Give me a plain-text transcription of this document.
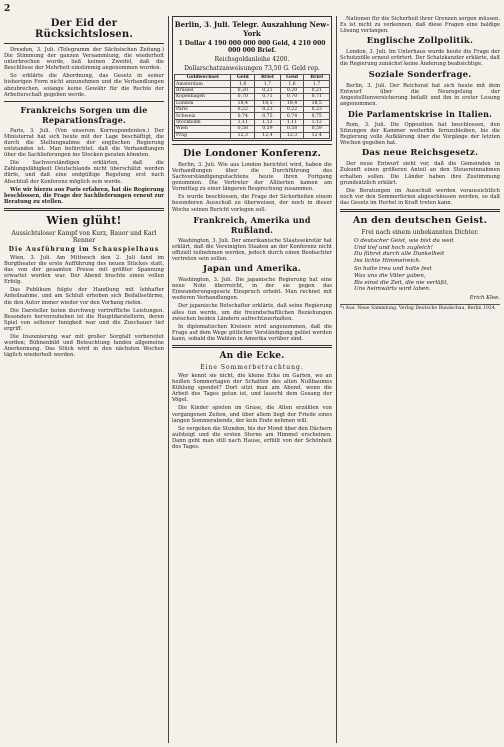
2
Der Eid der Rücksichtslosen.

Dresden, 3. Juli. (Telegramm der Sächsischen Zeitung.) Die Stimmung der ganzen Versammlung, die wiederholt unterbrochen wurde, ließ keinen Zweifel, daß die Beschlüsse der Mehrheit einstimmig angenommen wurden.

So erklärte die Abordnung, das Gesetz in seiner bisherigen Form nicht anzunehmen und die Verhandlungen abzubrechen, solange keine Gewähr für die Rechte der Arbeiterschaft gegeben werde.

Frankreichs Sorgen um die Reparationsfrage.

Paris, 3. Juli. (Von unserem Korrespondenten.) Der Ministerrat hat sich heute mit der Lage beschäftigt, die durch die Stellungnahme der englischen Regierung entstanden ist. Man befürchtet, daß die Verhandlungen über die Sachlieferungen ins Stocken geraten könnten.

Die Sachverständigen erklärten, daß die Zahlungsfähigkeit Deutschlands nicht überschätzt werden dürfe, und daß eine endgültige Regelung erst nach Abschluß der Konferenz möglich sein werde.

Wie wir hierzu aus Paris erfahren, hat die Regierung beschlossen, die Frage der Sachlieferungen erneut zur Beratung zu stellen.

Wien glüht!
Aussichtsloser Kampf von Kurz, Bauer und Karl Renner
Die Ausführung im Schauspielhaus

Wien, 3. Juli. Am Mittwoch den 2. Juli fand im Burgtheater die erste Aufführung des neuen Stückes statt, das von der gesamten Presse mit größter Spannung erwartet worden war. Der Abend brachte einen vollen Erfolg.

Das Publikum folgte der Handlung mit lebhafter Anteilnahme, und am Schluß erhoben sich Beifallsstürme, die den Autor immer wieder vor den Vorhang riefen.

Die Darsteller boten durchweg vortreffliche Leistungen. Besonders hervorzuheben ist die Hauptdarstellerin, deren Spiel von seltener Innigkeit war und die Zuschauer tief ergriff.

Die Inszenierung war mit großer Sorgfalt vorbereitet worden; Bühnenbild und Beleuchtung fanden allgemeine Anerkennung. Das Stück wird in den nächsten Wochen täglich wiederholt werden.

Berlin, 3. Juli. Telegr. Auszahlung New-York
1 Dollar 4 190 000 000 000 Geld, 4 210 000 000 000 Brief.
Reichsgoldanleihe 4200.
Dollarschatzanweisungen 73,50 G. Geld rep.
Goldwechsel	Geld	Brief	Geld	Brief
Amsterdam	1,6	1,7	1,6	1,7
Brüssel	0,20	0,21	0,20	0,21
Kopenhagen	0,70	0,71	0,70	0,71
London	18,4	18,5	18,4	18,5
Paris	0,22	0,23	0,22	0,23
Schweiz	0,74	0,75	0,74	0,75
Stockholm	1,11	1,12	1,11	1,12
Wien	0,58	0,59	0,58	0,59
Prag	12,3	12,4	12,3	12,4
Die Londoner Konferenz.

Berlin, 3. Juli. Wie aus London berichtet wird, haben die Verhandlungen über die Durchführung des Sachverständigengutachtens heute ihren Fortgang genommen. Die Vertreter der Alliierten kamen am Vormittag zu einer längeren Besprechung zusammen.

Es wurde beschlossen, die Frage der Sicherheiten einem besonderen Ausschuß zu überweisen, der noch in dieser Woche seinen Bericht vorlegen soll.

Frankreich, Amerika und Rußland.

Washington, 3. Juli. Der amerikanische Staatssekretär hat erklärt, daß die Vereinigten Staaten an der Konferenz nicht offiziell teilnehmen werden, jedoch durch einen Beobachter vertreten sein sollen.

Japan und Amerika.

Washington, 3. Juli. Die japanische Regierung hat eine neue Note überreicht, in der sie gegen das Einwanderungsgesetz Einspruch erhebt. Man rechnet mit weiteren Verhandlungen.

Der japanische Botschafter erklärte, daß seine Regierung alles tun werde, um die freundschaftlichen Beziehungen zwischen beiden Ländern aufrechtzuerhalten.

In diplomatischen Kreisen wird angenommen, daß die Frage auf dem Wege gütlicher Verständigung gelöst werden kann, sobald die Wahlen in Amerika vorüber sind.

An die Ecke.
Eine Sommerbetrachtung.

Wer kennt sie nicht, die kleine Ecke im Garten, wo an heißen Sommertagen der Schatten des alten Nußbaumes Kühlung spendet? Dort sitzt man am Abend, wenn die Arbeit des Tages getan ist, und lauscht dem Gesang der Vögel.

Die Kinder spielen im Grase, die Alten erzählen von vergangenen Zeiten, und über allem liegt der Friede eines langen Sommerabends, der kein Ende nehmen will.

So vergehen die Stunden, bis der Mond über den Dächern aufsteigt und die ersten Sterne am Himmel erscheinen. Dann geht man still nach Hause, erfüllt von der Schönheit des Tages.

Nationen für die Sicherheit ihrer Grenzen sorgen müssen. Es ist nicht zu verkennen, daß diese Fragen eine baldige Lösung verlangen.

Englische Zollpolitik.

London, 3. Juli. Im Unterhaus wurde heute die Frage der Schutzzölle erneut erörtert. Der Schatzkanzler erklärte, daß die Regierung zunächst keine Änderung beabsichtige.

Soziale Sonderfrage.

Berlin, 3. Juli. Der Reichsrat hat sich heute mit dem Entwurf über die Neuregelung der Angestelltenversicherung befaßt und ihn in erster Lesung angenommen.

Die Parlamentskrise in Italien.

Rom, 3. Juli. Die Opposition hat beschlossen, den Sitzungen der Kammer weiterhin fernzubleiben, bis die Regierung volle Aufklärung über die Vorgänge der letzten Wochen gegeben hat.

Das neue Reichsgesetz.

Der neue Entwurf sieht vor, daß die Gemeinden in Zukunft einen größeren Anteil an den Steuereinnahmen erhalten sollen. Die Länder haben ihre Zustimmung grundsätzlich erklärt.

Die Beratungen im Ausschuß werden voraussichtlich noch vor den Sommerferien abgeschlossen werden, so daß das Gesetz im Herbst in Kraft treten kann.

An den deutschen Geist.
Frei nach einem unbekannten Dichter.
O deutscher Geist, wie bist du weit
Und tief und hoch zugleich!
Du führst durch alle Dunkelheit
Ins lichte Himmelreich.
So halte treu und halte fest
Was uns die Väter gaben,
Bis einst die Zeit, die nie verläßt,
Uns heimwärts wird laben.
Erich Klee.
*) Aus: Neue Sammlung, Verlag Deutsche Rundschau, Berlin 1924.
